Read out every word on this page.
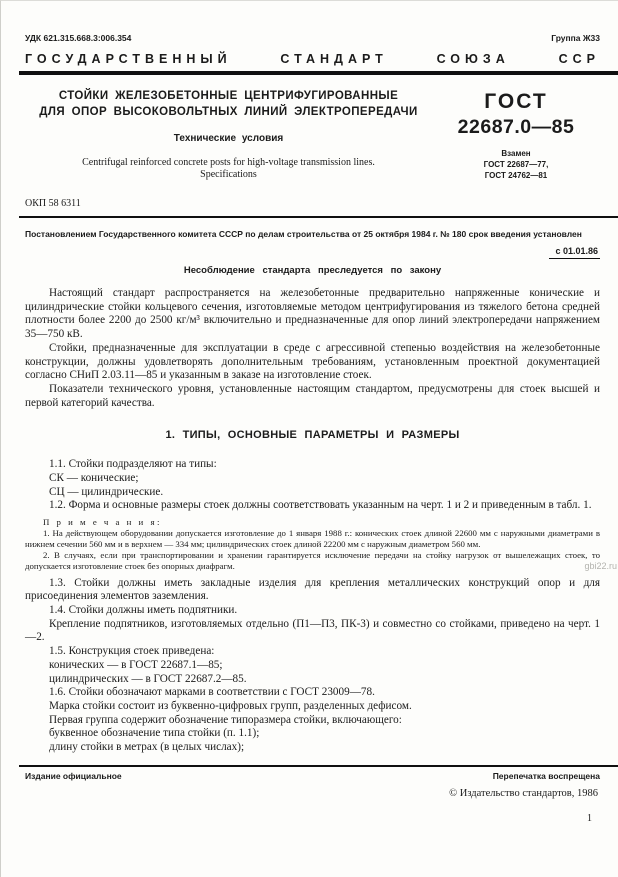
УДК 621.315.668.3:006.354	Группа Ж33
ГОСУДАРСТВЕННЫЙ	СТАНДАРТ	СОЮЗА	ССР
СТОЙКИ ЖЕЛЕЗОБЕТОННЫЕ ЦЕНТРИФУГИРОВАННЫЕ
ДЛЯ ОПОР ВЫСОКОВОЛЬТНЫХ ЛИНИЙ ЭЛЕКТРОПЕРЕДАЧИ
Технические условия
Centrifugal reinforced concrete posts for high-voltage transmission lines.
Specifications
ОКП 58 6311
ГОСТ
22687.0—85
Взамен
ГОСТ 22687—77,
ГОСТ 24762—81
Постановлением Государственного комитета СССР по делам строительства от 25 октября 1984 г. № 180 срок введения установлен
с 01.01.86
Несоблюдение стандарта преследуется по закону

Настоящий стандарт распространяется на железобетонные предварительно напряженные конические и цилиндрические стойки кольцевого сечения, изготовляемые методом центрифугирования из тяжелого бетона средней плотности более 2200 до 2500 кг/м³ включительно и предназначенные для опор линий электропередачи напряжением 35—750 кВ.

Стойки, предназначенные для эксплуатации в среде с агрессивной степенью воздействия на железобетонные конструкции, должны удовлетворять дополнительным требованиям, установленным проектной документацией согласно СНиП 2.03.11—85 и указанным в заказе на изготовление стоек.

Показатели технического уровня, установленные настоящим стандартом, предусмотрены для стоек высшей и первой категорий качества.

1. ТИПЫ, ОСНОВНЫЕ ПАРАМЕТРЫ И РАЗМЕРЫ

1.1. Стойки подразделяют на типы:

СК — конические;

СЦ — цилиндрические.

1.2. Форма и основные размеры стоек должны соответствовать указанным на черт. 1 и 2 и приведенным в табл. 1.

П р и м е ч а н и я:

1. На действующем оборудовании допускается изготовление до 1 января 1988 г.: конических стоек длиной 22600 мм с наружными диаметрами в нижнем сечении 560 мм и в верхнем — 334 мм; цилиндрических стоек длиной 22200 мм с наружным диаметром 560 мм.

2. В случаях, если при транспортировании и хранении гарантируется исключение передачи на стойку нагрузок от вышележащих стоек, то допускается изготовление стоек без опорных диафрагм.

1.3. Стойки должны иметь закладные изделия для крепления металлических конструкций опор и для присоединения элементов заземления.

1.4. Стойки должны иметь подпятники.

Крепление подпятников, изготовляемых отдельно (П1—П3, ПК-3) и совместно со стойками, приведено на черт. 1—2.

1.5. Конструкция стоек приведена:

конических — в ГОСТ 22687.1—85;

цилиндрических — в ГОСТ 22687.2—85.

1.6. Стойки обозначают марками в соответствии с ГОСТ 23009—78.

Марка стойки состоит из буквенно-цифровых групп, разделенных дефисом.

Первая группа содержит обозначение типоразмера стойки, включающего:

буквенное обозначение типа стойки (п. 1.1);

длину стойки в метрах (в целых числах);

Издание официальное	Перепечатка воспрещена
© Издательство стандартов, 1986
1
gbi22.ru
